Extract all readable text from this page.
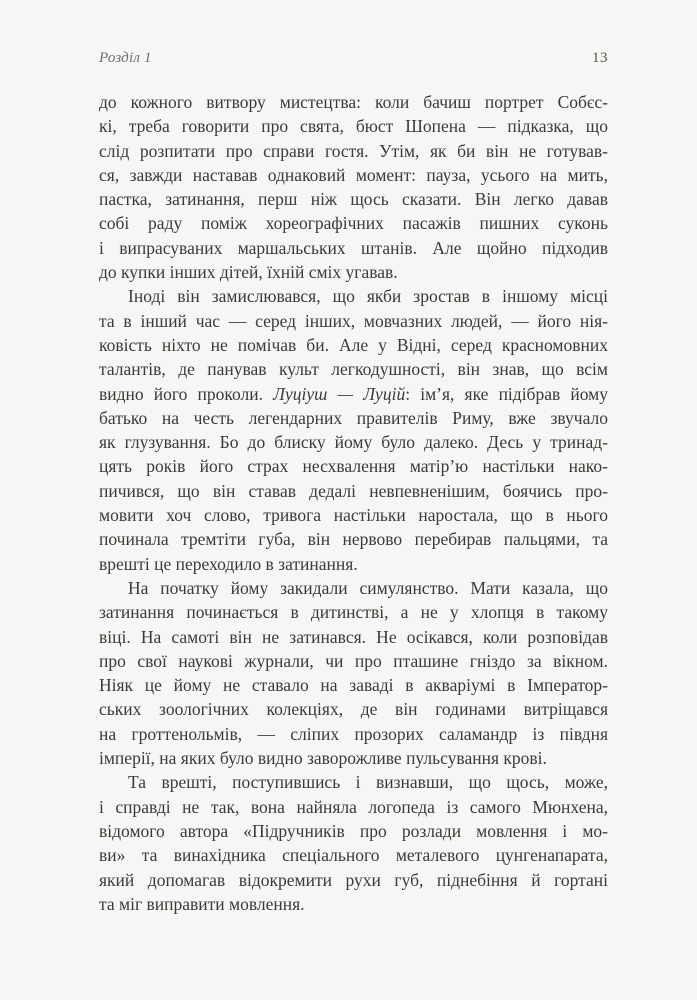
Розділ 1	13
до кожного витвору мистецтва: коли бачиш портрет Собєс-
кі, треба говорити про свята, бюст Шопена — підказка, що
слід розпитати про справи гостя. Утім, як би він не готував-
ся, завжди наставав однаковий момент: пауза, усього на мить,
пастка, затинання, перш ніж щось сказати. Він легко давав
собі раду поміж хореографічних пасажів пишних суконь
і випрасуваних маршальських штанів. Але щойно підходив
до купки інших дітей, їхній сміх угавав.
Іноді він замислювався, що якби зростав в іншому місці
та в інший час — серед інших, мовчазних людей, — його нія-
ковість ніхто не помічав би. Але у Відні, серед красномовних
талантів, де панував культ легкодушності, він знав, що всім
видно його проколи. Луціуш — Луцій: ім’я, яке підібрав йому
батько на честь легендарних правителів Риму, вже звучало
як глузування. Бо до блиску йому було далеко. Десь у тринад-
цять років його страх несхвалення матір’ю настільки нако-
пичився, що він ставав дедалі невпевненішим, боячись про-
мовити хоч слово, тривога настільки наростала, що в нього
починала тремтіти губа, він нервово перебирав пальцями, та
врешті це переходило в затинання.
На початку йому закидали симулянство. Мати казала, що
затинання починається в дитинстві, а не у хлопця в такому
віці. На самоті він не затинався. Не осікався, коли розповідав
про свої наукові журнали, чи про пташине гніздо за вікном.
Ніяк це йому не ставало на заваді в акваріумі в Імператор-
ських зоологічних колекціях, де він годинами витріщався
на гроттенольмів, — сліпих прозорих саламандр із півдня
імперії, на яких було видно заворожливе пульсування крові.
Та врешті, поступившись і визнавши, що щось, може,
і справді не так, вона найняла логопеда із самого Мюнхена,
відомого автора «Підручників про розлади мовлення і мо-
ви» та винахідника спеціального металевого цунгенапарата,
який допомагав відокремити рухи губ, піднебіння й гортані
та міг виправити мовлення.
